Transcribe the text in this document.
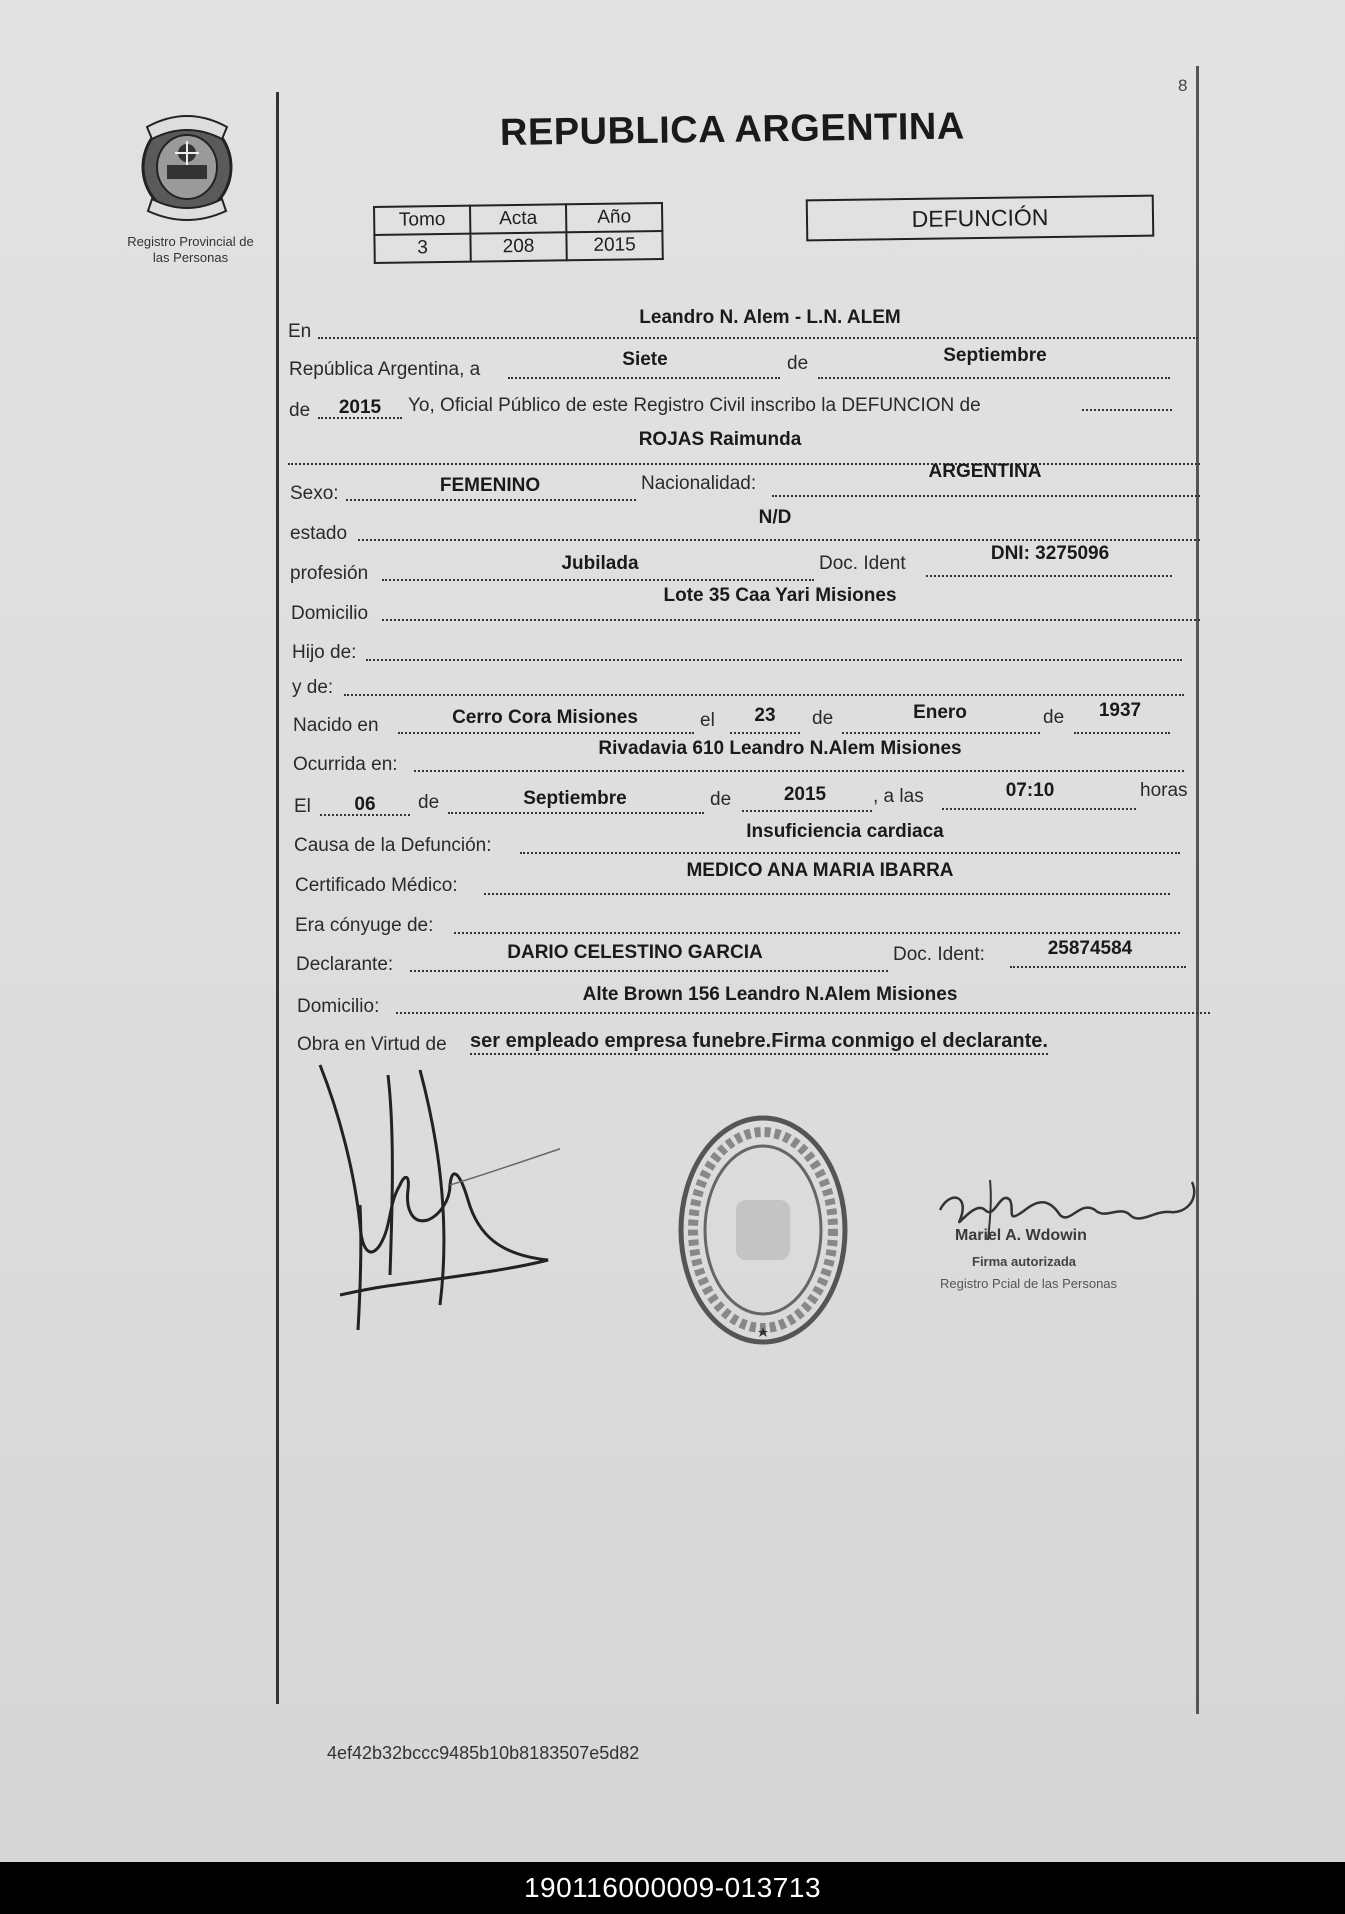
Registro Provincial de
las Personas
8
REPUBLICA ARGENTINA
Tomo	Acta	Año
3	208	2015
DEFUNCIÓN
En
Leandro N. Alem - L.N. ALEM
República Argentina, a	Siete	de	Septiembre
de	2015	Yo, Oficial Público de este Registro Civil inscribo la DEFUNCION de
ROJAS Raimunda
Sexo:	FEMENINO	Nacionalidad:
ARGENTINA
estado
N/D
profesión	Jubilada	Doc. Ident	DNI: 3275096
Domicilio
Lote 35 Caa Yari Misiones
Hijo de:
y de:
Nacido en	Cerro Cora Misiones	el	23	de	Enero	de	1937
Ocurrida en:
Rivadavia 610 Leandro N.Alem Misiones
El	06	de	Septiembre	de	2015	, a las	07:10	horas
Causa de la Defunción:
Insuficiencia cardiaca
Certificado Médico:
MEDICO ANA MARIA IBARRA
Era cónyuge de:
Declarante:
DARIO CELESTINO GARCIA	Doc. Ident:	25874584
Domicilio:
Alte Brown 156 Leandro N.Alem Misiones
Obra en Virtud de ser empleado empresa funebre.Firma conmigo el declarante.
Mariel A. Wdowin
Firma autorizada
Registro Pcial de las Personas
4ef42b32bccc9485b10b8183507e5d82
190116000009-013713
